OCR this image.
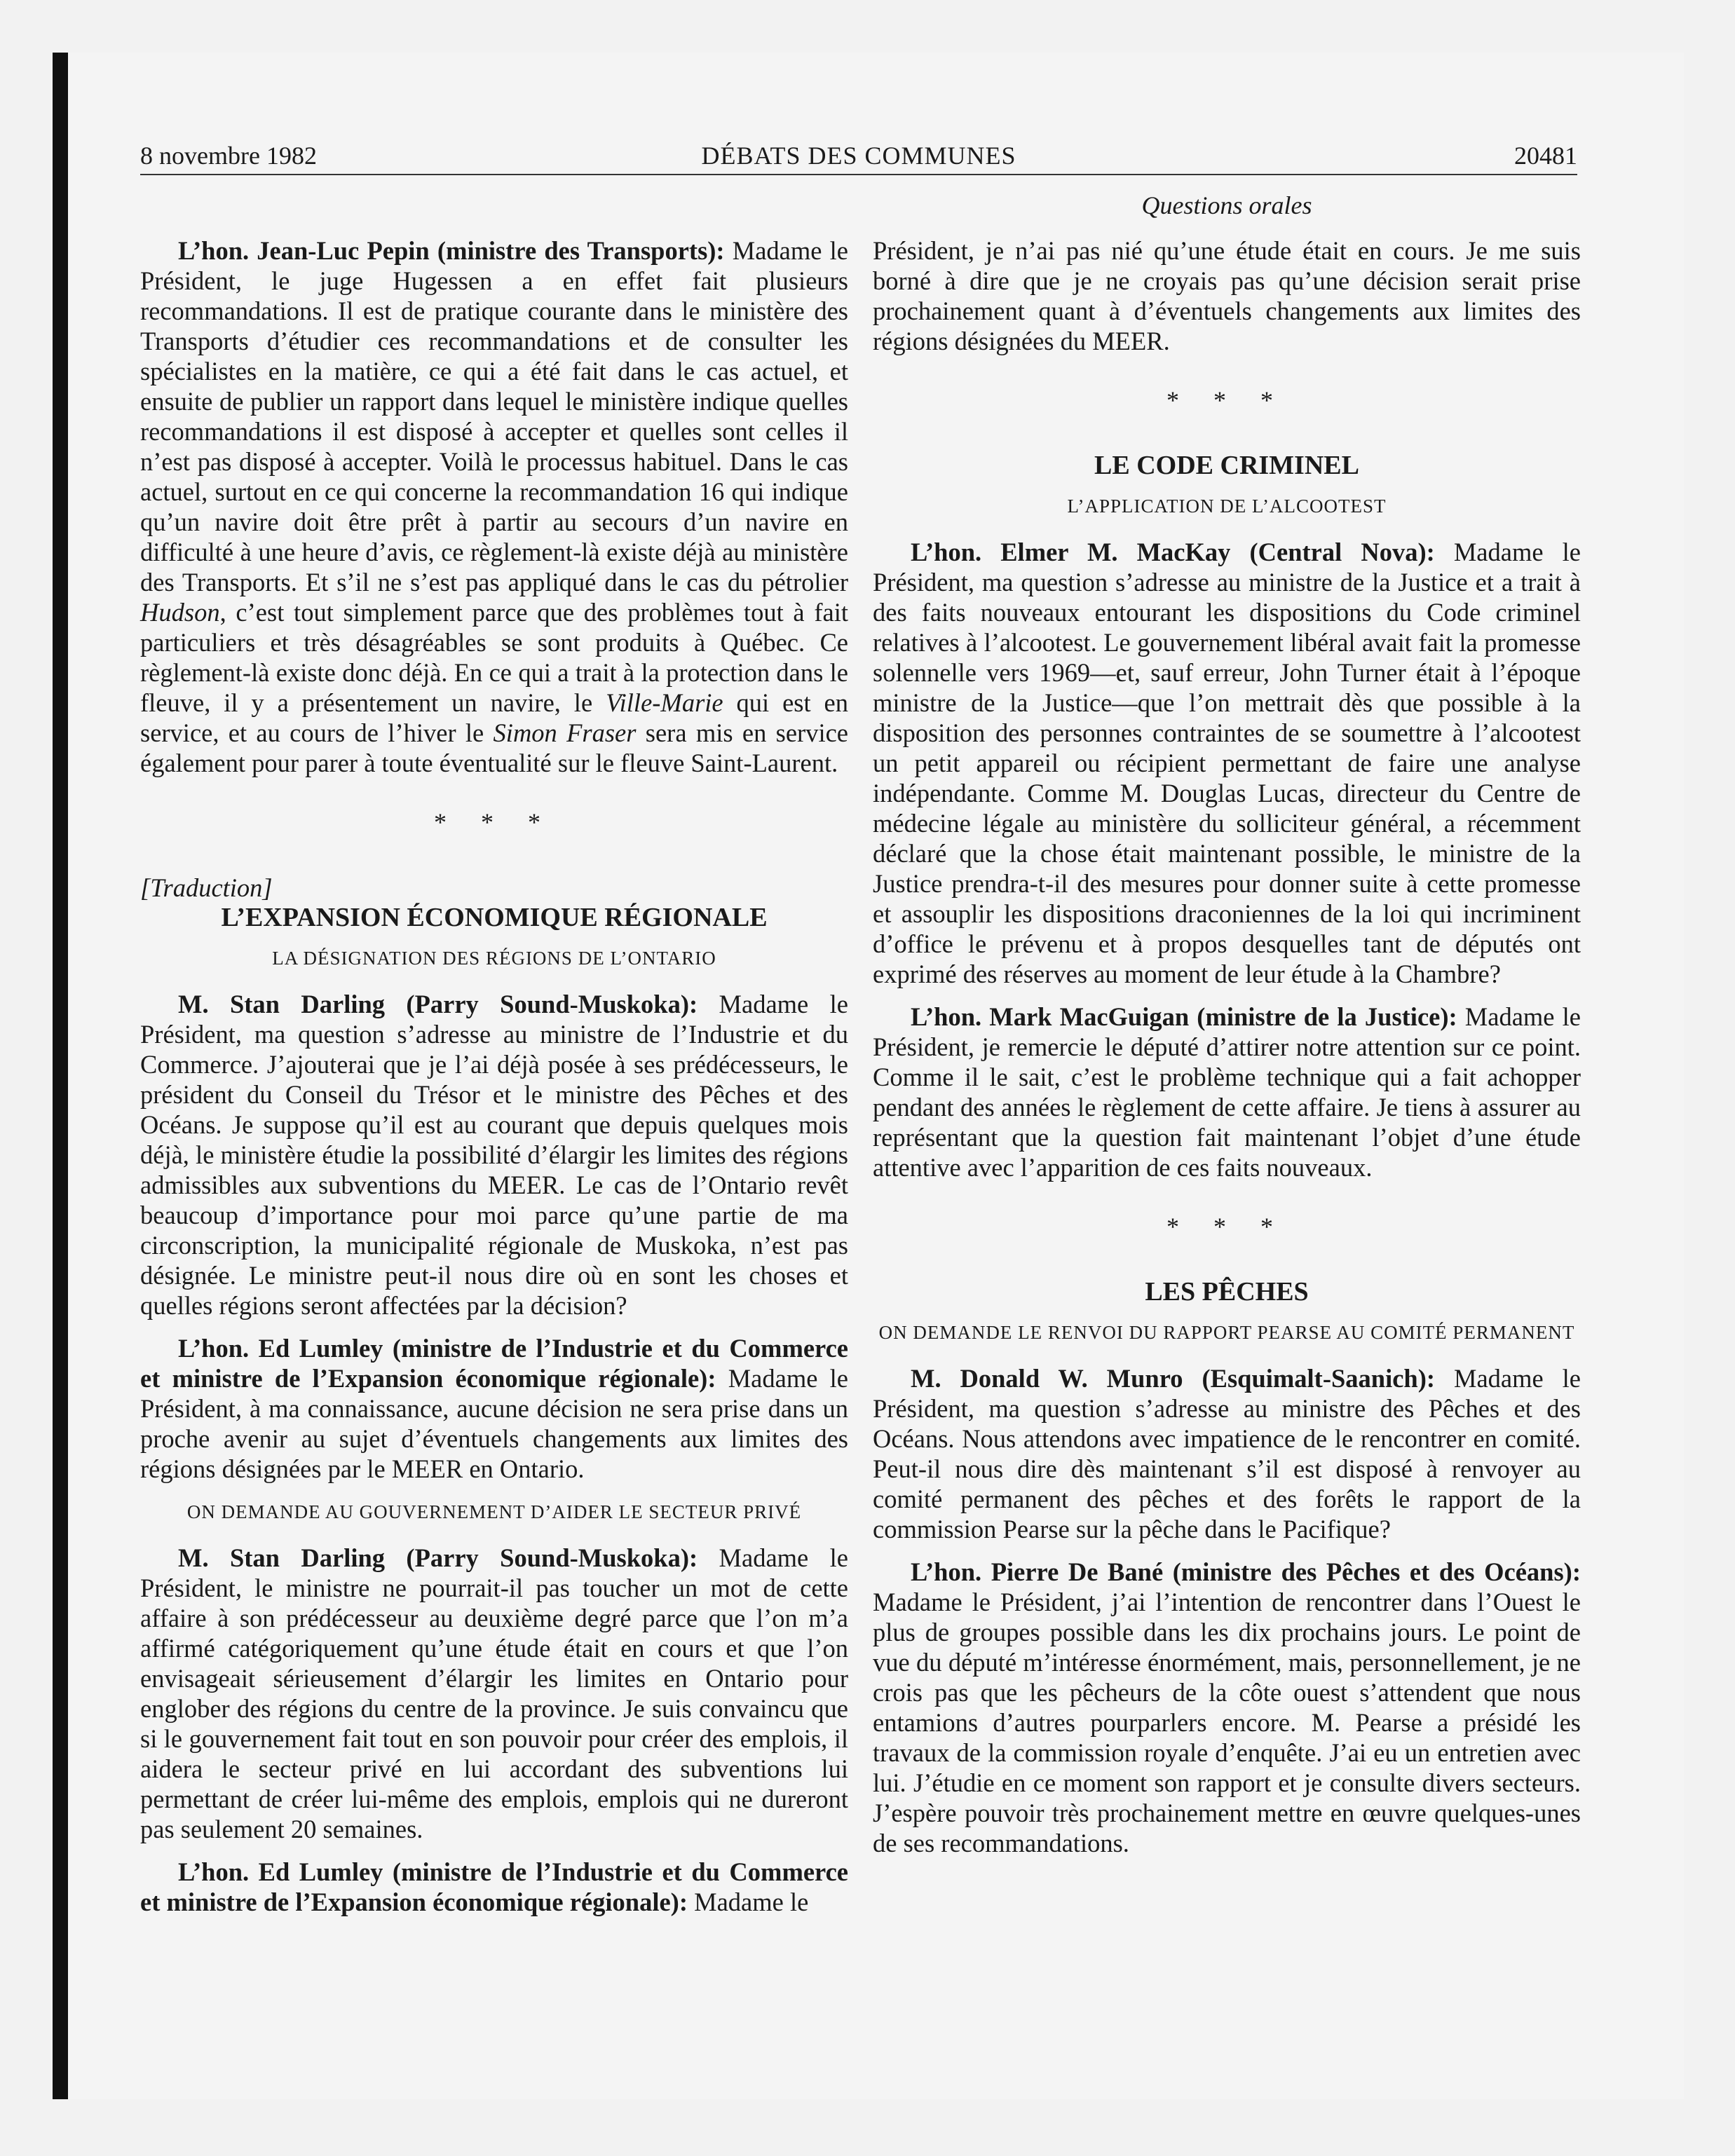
8 novembre 1982	DÉBATS DES COMMUNES	20481
Questions orales

L’hon. Jean-Luc Pepin (ministre des Transports): Madame le Président, le juge Hugessen a en effet fait plusieurs recommandations. Il est de pratique courante dans le ministère des Transports d’étudier ces recommandations et de consulter les spécialistes en la matière, ce qui a été fait dans le cas actuel, et ensuite de publier un rapport dans lequel le ministère indique quelles recommandations il est disposé à accepter et quelles sont celles il n’est pas disposé à accepter. Voilà le processus habituel. Dans le cas actuel, surtout en ce qui concerne la recommandation 16 qui indique qu’un navire doit être prêt à partir au secours d’un navire en difficulté à une heure d’avis, ce règlement-là existe déjà au ministère des Transports. Et s’il ne s’est pas appliqué dans le cas du pétrolier Hudson, c’est tout simplement parce que des problèmes tout à fait particuliers et très désagréables se sont produits à Québec. Ce règlement-là existe donc déjà. En ce qui a trait à la protection dans le fleuve, il y a présentement un navire, le Ville-Marie qui est en service, et au cours de l’hiver le Simon Fraser sera mis en service également pour parer à toute éventualité sur le fleuve Saint-Laurent.

* * *

[Traduction]

L’EXPANSION ÉCONOMIQUE RÉGIONALE
LA DÉSIGNATION DES RÉGIONS DE L’ONTARIO

M. Stan Darling (Parry Sound-Muskoka): Madame le Président, ma question s’adresse au ministre de l’Industrie et du Commerce. J’ajouterai que je l’ai déjà posée à ses prédécesseurs, le président du Conseil du Trésor et le ministre des Pêches et des Océans. Je suppose qu’il est au courant que depuis quelques mois déjà, le ministère étudie la possibilité d’élargir les limites des régions admissibles aux subventions du MEER. Le cas de l’Ontario revêt beaucoup d’importance pour moi parce qu’une partie de ma circonscription, la municipalité régionale de Muskoka, n’est pas désignée. Le ministre peut-il nous dire où en sont les choses et quelles régions seront affectées par la décision?

L’hon. Ed Lumley (ministre de l’Industrie et du Commerce et ministre de l’Expansion économique régionale): Madame le Président, à ma connaissance, aucune décision ne sera prise dans un proche avenir au sujet d’éventuels changements aux limites des régions désignées par le MEER en Ontario.

ON DEMANDE AU GOUVERNEMENT D’AIDER LE SECTEUR PRIVÉ

M. Stan Darling (Parry Sound-Muskoka): Madame le Président, le ministre ne pourrait-il pas toucher un mot de cette affaire à son prédécesseur au deuxième degré parce que l’on m’a affirmé catégoriquement qu’une étude était en cours et que l’on envisageait sérieusement d’élargir les limites en Ontario pour englober des régions du centre de la province. Je suis convaincu que si le gouvernement fait tout en son pouvoir pour créer des emplois, il aidera le secteur privé en lui accordant des subventions lui permettant de créer lui-même des emplois, emplois qui ne dureront pas seulement 20 semaines.

L’hon. Ed Lumley (ministre de l’Industrie et du Commerce et ministre de l’Expansion économique régionale): Madame le

Président, je n’ai pas nié qu’une étude était en cours. Je me suis borné à dire que je ne croyais pas qu’une décision serait prise prochainement quant à d’éventuels changements aux limites des régions désignées du MEER.

* * *
LE CODE CRIMINEL
L’APPLICATION DE L’ALCOOTEST

L’hon. Elmer M. MacKay (Central Nova): Madame le Président, ma question s’adresse au ministre de la Justice et a trait à des faits nouveaux entourant les dispositions du Code criminel relatives à l’alcootest. Le gouvernement libéral avait fait la promesse solennelle vers 1969—et, sauf erreur, John Turner était à l’époque ministre de la Justice—que l’on mettrait dès que possible à la disposition des personnes contraintes de se soumettre à l’alcootest un petit appareil ou récipient permettant de faire une analyse indépendante. Comme M. Douglas Lucas, directeur du Centre de médecine légale au ministère du solliciteur général, a récemment déclaré que la chose était maintenant possible, le ministre de la Justice prendra-t-il des mesures pour donner suite à cette promesse et assouplir les dispositions draconiennes de la loi qui incriminent d’office le prévenu et à propos desquelles tant de députés ont exprimé des réserves au moment de leur étude à la Chambre?

L’hon. Mark MacGuigan (ministre de la Justice): Madame le Président, je remercie le député d’attirer notre attention sur ce point. Comme il le sait, c’est le problème technique qui a fait achopper pendant des années le règlement de cette affaire. Je tiens à assurer au représentant que la question fait maintenant l’objet d’une étude attentive avec l’apparition de ces faits nouveaux.

* * *
LES PÊCHES
ON DEMANDE LE RENVOI DU RAPPORT PEARSE AU COMITÉ PERMANENT

M. Donald W. Munro (Esquimalt-Saanich): Madame le Président, ma question s’adresse au ministre des Pêches et des Océans. Nous attendons avec impatience de le rencontrer en comité. Peut-il nous dire dès maintenant s’il est disposé à renvoyer au comité permanent des pêches et des forêts le rapport de la commission Pearse sur la pêche dans le Pacifique?

L’hon. Pierre De Bané (ministre des Pêches et des Océans): Madame le Président, j’ai l’intention de rencontrer dans l’Ouest le plus de groupes possible dans les dix prochains jours. Le point de vue du député m’intéresse énormément, mais, personnellement, je ne crois pas que les pêcheurs de la côte ouest s’attendent que nous entamions d’autres pourparlers encore. M. Pearse a présidé les travaux de la commission royale d’enquête. J’ai eu un entretien avec lui. J’étudie en ce moment son rapport et je consulte divers secteurs. J’espère pouvoir très prochainement mettre en œuvre quelques-unes de ses recommandations.
